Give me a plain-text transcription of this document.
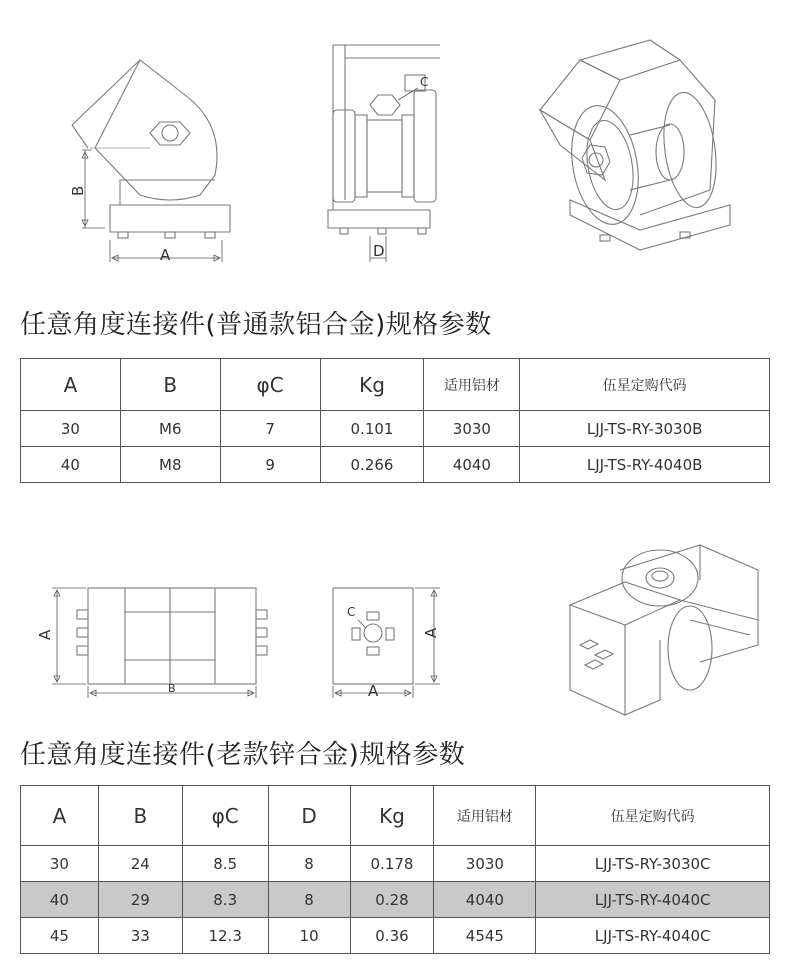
A
B
C
D
任意角度连接件(普通款铝合金)规格参数
A	B	φC	Kg	适用铝材	伍星定购代码
30	M6	7	0.101	3030	LJJ-TS-RY-3030B
40	M8	9	0.266	4040	LJJ-TS-RY-4040B
A
B
C
A
A
任意角度连接件(老款锌合金)规格参数
A	B	φC	D	Kg	适用铝材	伍星定购代码
30	24	8.5	8	0.178	3030	LJJ-TS-RY-3030C
40	29	8.3	8	0.28	4040	LJJ-TS-RY-4040C
45	33	12.3	10	0.36	4545	LJJ-TS-RY-4040C
